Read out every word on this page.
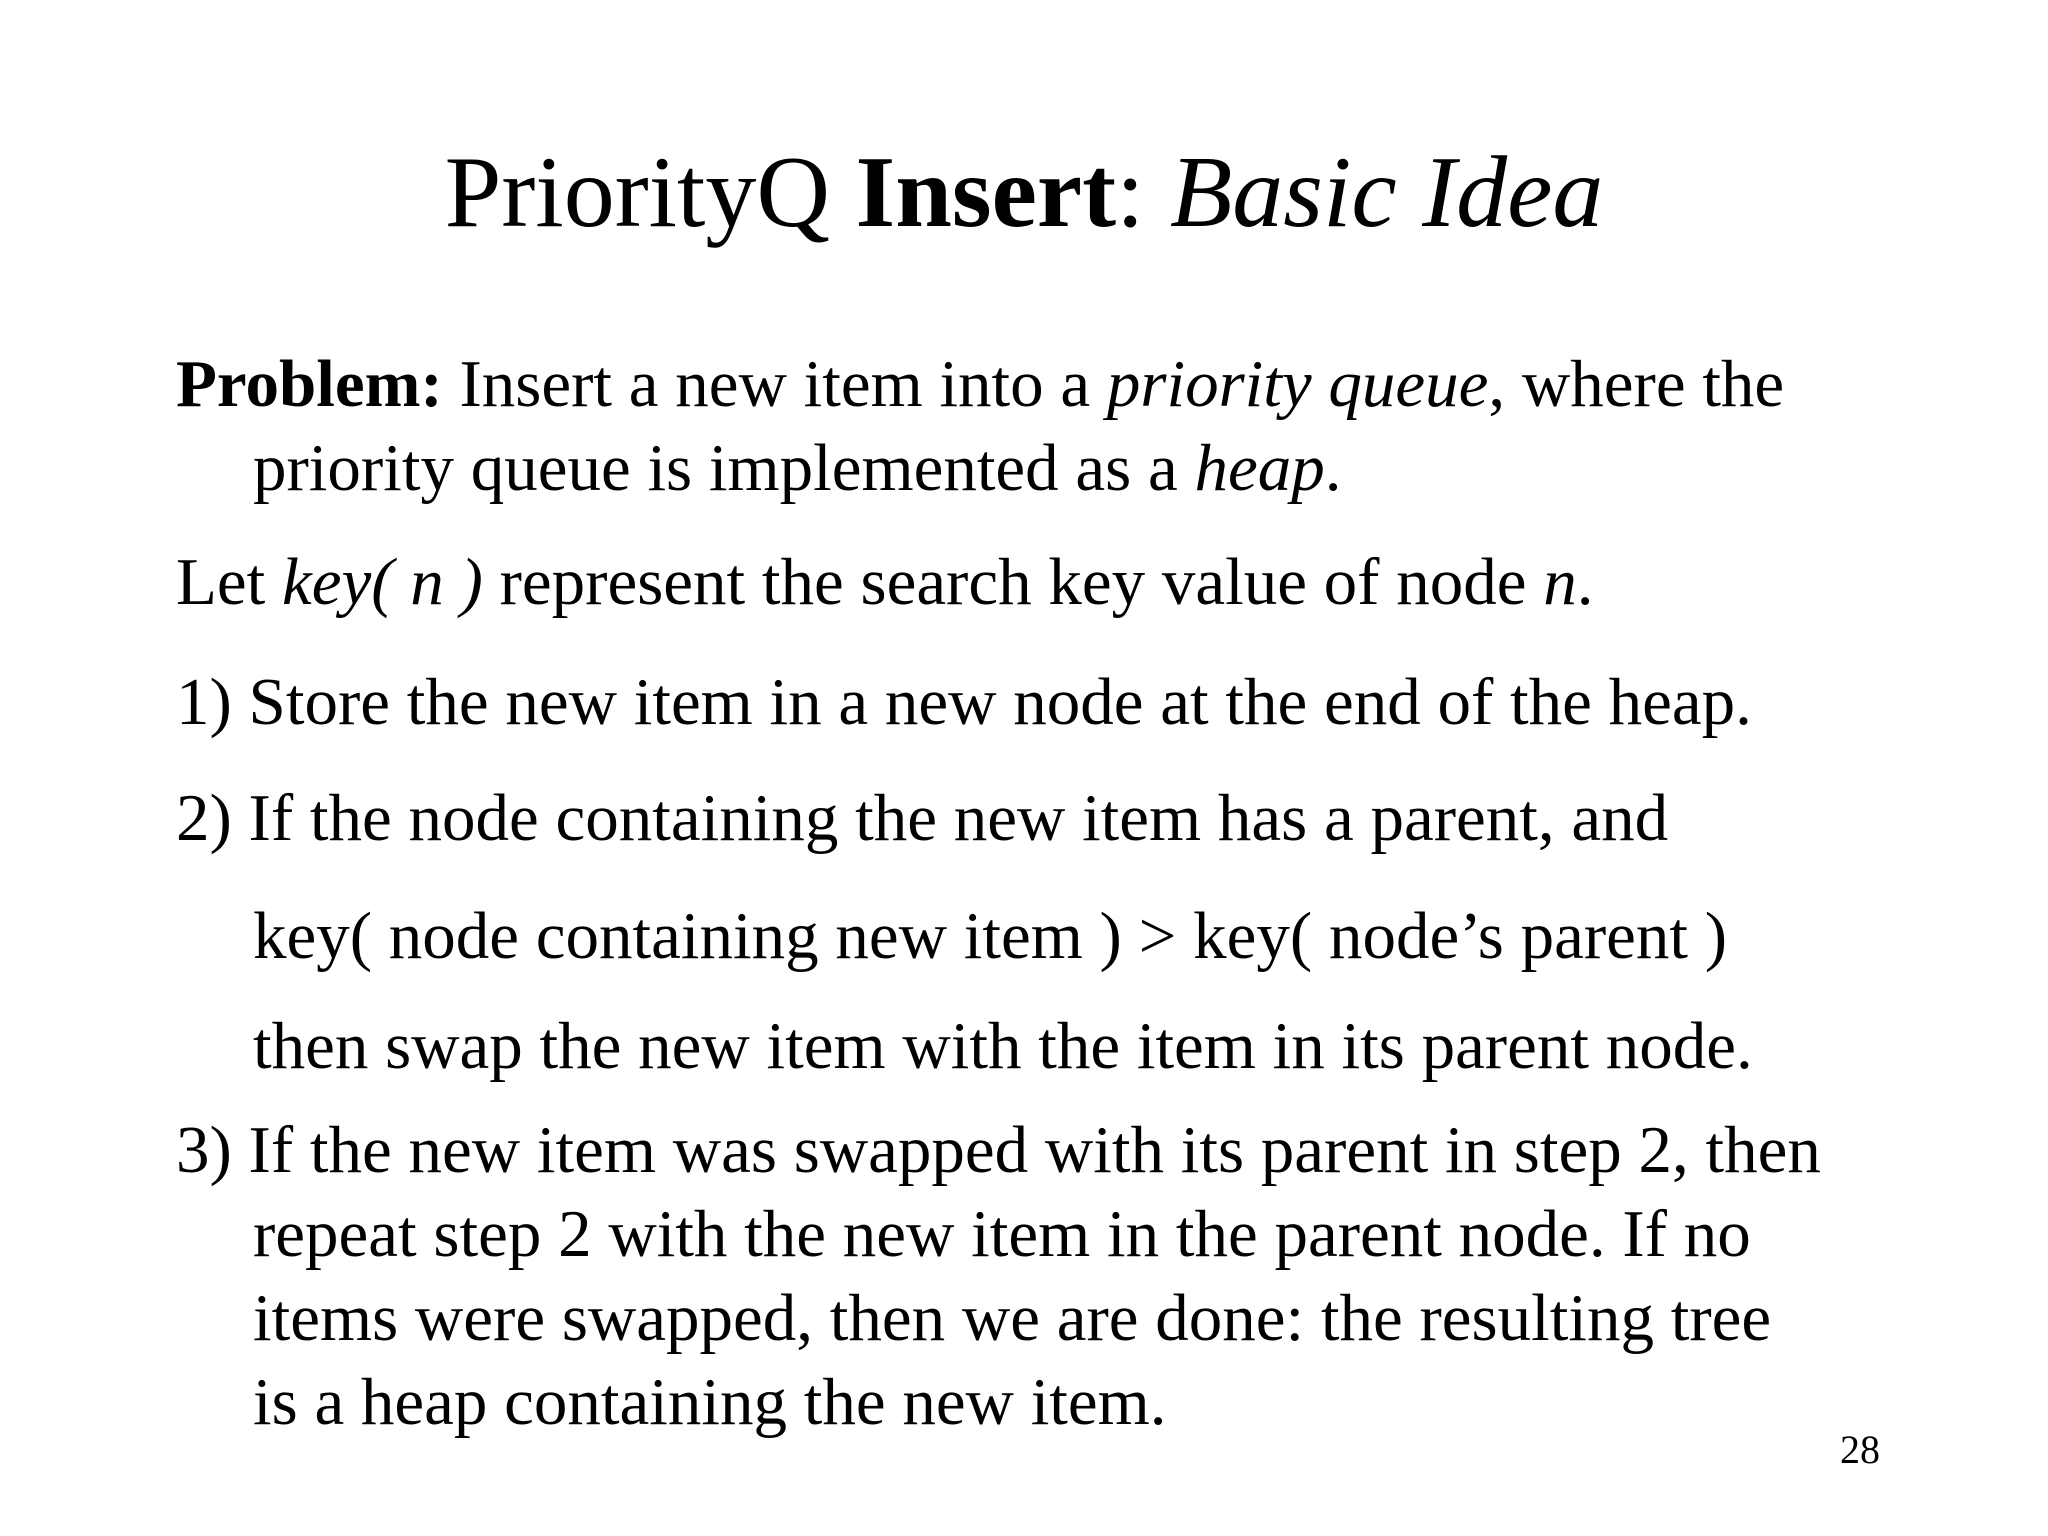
PriorityQ Insert: Basic Idea
Problem: Insert a new item into a priority queue, where the
priority queue is implemented as a heap.
Let key( n ) represent the search key value of node n.
1) Store the new item in a new node at the end of the heap.
2) If the node containing the new item has a parent, and
key( node containing new item ) > key( node’s parent )
then swap the new item with the item in its parent node.
3) If the new item was swapped with its parent in step 2, then
repeat step 2 with the new item in the parent node. If no
items were swapped, then we are done: the resulting tree
is a heap containing the new item.
28
